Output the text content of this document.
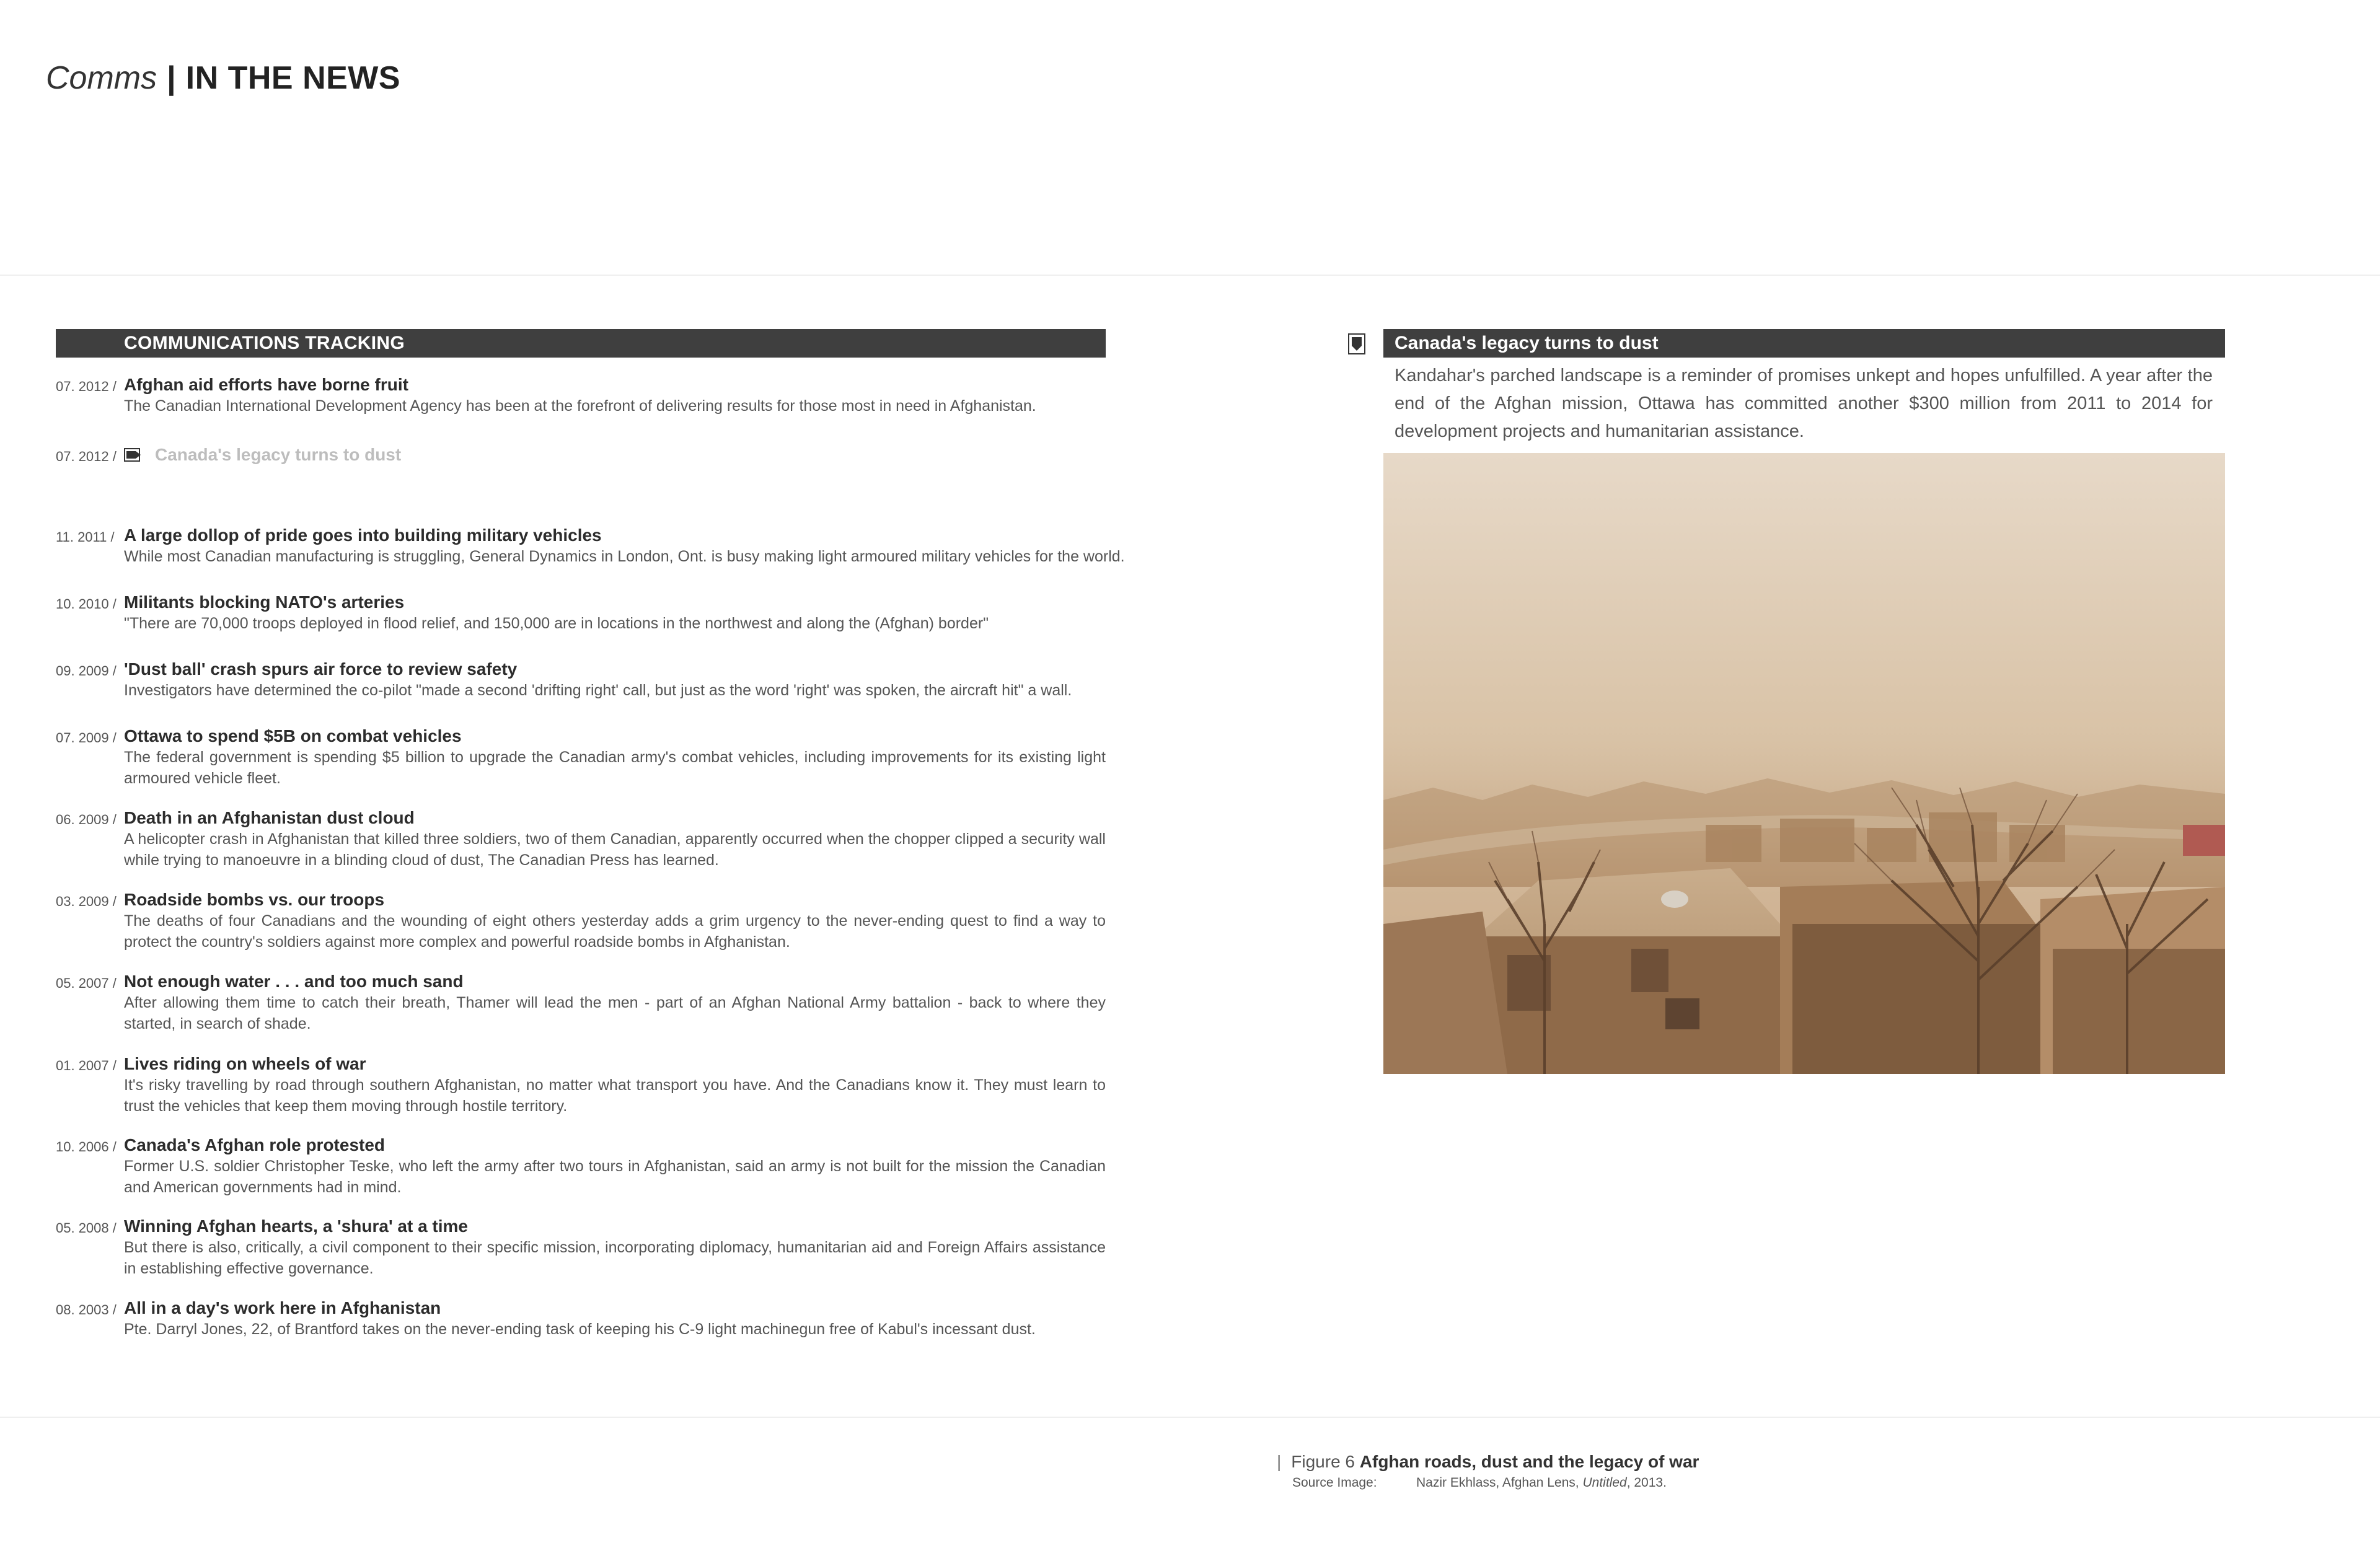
Comms | IN THE NEWS
COMMUNICATIONS TRACKING
07. 2012 / Afghan aid efforts have borne fruit
The Canadian International Development Agency has been at the forefront of delivering results for those most in need in Afghanistan.
07. 2012 /	Canada's legacy turns to dust
11. 2011 / A large dollop of pride goes into building military vehicles
While most Canadian manufacturing is struggling, General Dynamics in London, Ont. is busy making light armoured military vehicles for the world.
10. 2010 / Militants blocking NATO's arteries
"There are 70,000 troops deployed in flood relief, and 150,000 are in locations in the northwest and along the (Afghan) border"
09. 2009 / 'Dust ball' crash spurs air force to review safety
Investigators have determined the co-pilot "made a second 'drifting right' call, but just as the word 'right' was spoken, the aircraft hit" a wall.
07. 2009 / Ottawa to spend $5B on combat vehicles
The federal government is spending $5 billion to upgrade the Canadian army's combat vehicles, including improvements for its existing light armoured vehicle fleet.
06. 2009 / Death in an Afghanistan dust cloud
A helicopter crash in Afghanistan that killed three soldiers, two of them Canadian, apparently occurred when the chopper clipped a security wall while trying to manoeuvre in a blinding cloud of dust, The Canadian Press has learned.
03. 2009 / Roadside bombs vs. our troops
The deaths of four Canadians and the wounding of eight others yesterday adds a grim urgency to the never-ending quest to find a way to protect the country's soldiers against more complex and powerful roadside bombs in Afghanistan.
05. 2007 / Not enough water . . . and too much sand
After allowing them time to catch their breath, Thamer will lead the men - part of an Afghan National Army battalion - back to where they started, in search of shade.
01. 2007 / Lives riding on wheels of war
It's risky travelling by road through southern Afghanistan, no matter what transport you have. And the Canadians know it. They must learn to trust the vehicles that keep them moving through hostile territory.
10. 2006 / Canada's Afghan role protested
Former U.S. soldier Christopher Teske, who left the army after two tours in Afghanistan, said an army is not built for the mission the Canadian and American governments had in mind.
05. 2008 / Winning Afghan hearts, a 'shura' at a time
But there is also, critically, a civil component to their specific mission, incorporating diplomacy, humanitarian aid and Foreign Affairs assistance in establishing effective governance.
08. 2003 / All in a day's work here in Afghanistan
Pte. Darryl Jones, 22, of Brantford takes on the never-ending task of keeping his C-9 light machinegun free of Kabul's incessant dust.
Canada's legacy turns to dust
Kandahar's parched landscape is a reminder of promises unkept and hopes unfulfilled. A year after the end of the Afghan mission, Ottawa has committed another $300 million from 2011 to 2014 for development projects and humanitarian assistance.
| Figure 6 Afghan roads, dust and the legacy of war
Source Image:	Nazir Ekhlass, Afghan Lens, Untitled, 2013.
